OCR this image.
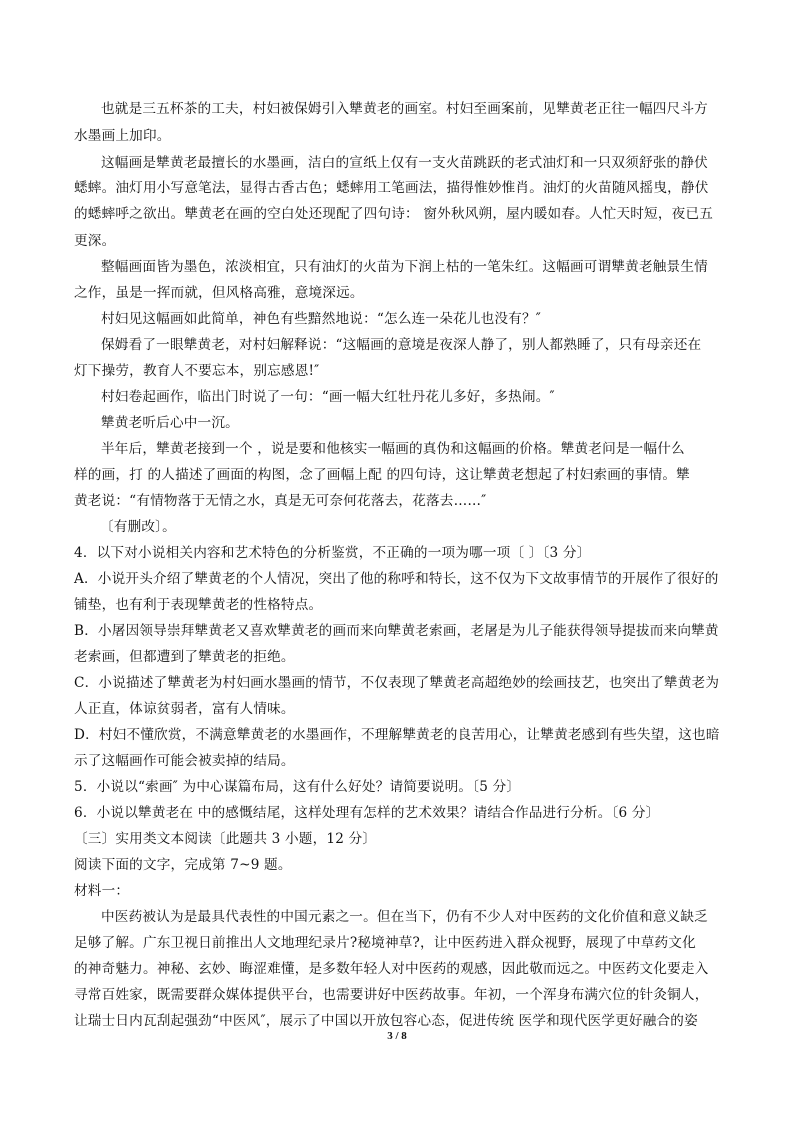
也就是三五杯茶的工夫，村妇被保姆引入犨黄老的画室。村妇至画案前，见犨黄老正往一幅四尺斗方
水墨画上加印。
这幅画是犨黄老最擅长的水墨画，洁白的宣纸上仅有一支火苗跳跃的老式油灯和一只双须舒张的静伏
蟋蟀。油灯用小写意笔法，显得古香古色；蟋蟀用工笔画法，描得惟妙惟肖。油灯的火苗随风摇曳，静伏
的蟋蟀呼之欲出。犨黄老在画的空白处还现配了四句诗： 窗外秋风朔，屋内暖如春。人忙天时短，夜已五
更深。
整幅画面皆为墨色，浓淡相宜，只有油灯的火苗为下润上枯的一笔朱红。这幅画可谓犨黄老触景生情
之作，虽是一挥而就，但风格高雅，意境深远。
村妇见这幅画如此简单，神色有些黯然地说：“怎么连一朵花儿也没有？″
保姆看了一眼犨黄老，对村妇解释说：“这幅画的意境是夜深人静了，别人都熟睡了，只有母亲还在
灯下操劳，教育人不要忘本，别忘感恩!″
村妇卷起画作，临出门时说了一句：“画一幅大红牡丹花儿多好，多热闹。″
犨黄老听后心中一沉。
半年后，犨黄老接到一个 ，说是要和他核实一幅画的真伪和这幅画的价格。犨黄老问是一幅什么
样的画，打 的人描述了画面的构图，念了画幅上配 的四句诗，这让犨黄老想起了村妇索画的事情。犨
黄老说：“有情物落于无情之水，真是无可奈何花落去，花落去……″
〔有删改〕。
4．以下对小说相关内容和艺术特色的分析鉴赏，不正确的一项为哪一项〔 〕〔3 分〕
A．小说开头介绍了犨黄老的个人情况，突出了他的称呼和特长，这不仅为下文故事情节的开展作了很好的
铺垫，也有利于表现犨黄老的性格特点。
B．小屠因领导崇拜犨黄老又喜欢犨黄老的画而来向犨黄老索画，老屠是为儿子能获得领导提拔而来向犨黄
老索画，但都遭到了犨黄老的拒绝。
C．小说描述了犨黄老为村妇画水墨画的情节，不仅表现了犨黄老高超绝妙的绘画技艺，也突出了犨黄老为
人正直，体谅贫弱者，富有人情味。
D．村妇不懂欣赏，不满意犨黄老的水墨画作，不理解犨黄老的良苦用心，让犨黄老感到有些失望，这也暗
示了这幅画作可能会被卖掉的结局。
5．小说以“索画″ 为中心谋篇布局，这有什么好处？请简要说明。〔5 分〕
6．小说以犨黄老在 中的感慨结尾，这样处理有怎样的艺术效果？请结合作品进行分析。〔6 分〕
〔三〕实用类文本阅读〔此题共 3 小题，12 分〕
阅读下面的文字，完成第 7~9 题。
材料一：
中医药被认为是最具代表性的中国元素之一。但在当下，仍有不少人对中医药的文化价值和意义缺乏
足够了解。广东卫视日前推出人文地理纪录片?秘境神草?，让中医药进入群众视野，展现了中草药文化
的神奇魅力。神秘、玄妙、晦涩难懂，是多数年轻人对中医药的观感，因此敬而远之。中医药文化要走入
寻常百姓家，既需要群众媒体提供平台，也需要讲好中医药故事。年初，一个浑身布满穴位的针灸铜人，
让瑞士日内瓦刮起强劲“中医风″，展示了中国以开放包容心态，促进传统 医学和现代医学更好融合的姿
3 / 8
